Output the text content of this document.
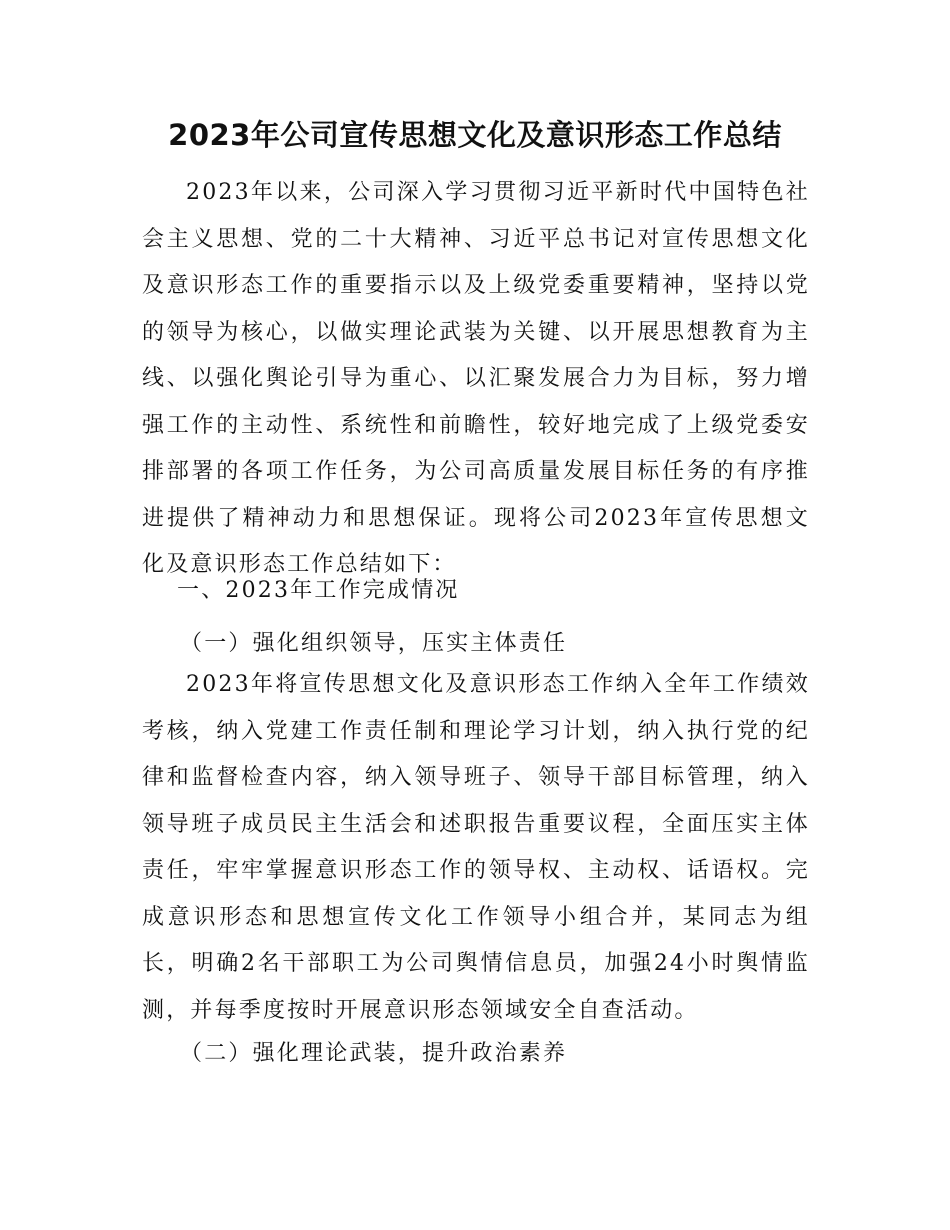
2023年公司宣传思想文化及意识形态工作总结

2023年以来，公司深入学习贯彻习近平新时代中国特色社会主义思想、党的二十大精神、习近平总书记对宣传思想文化及意识形态工作的重要指示以及上级党委重要精神，坚持以党的领导为核心，以做实理论武装为关键、以开展思想教育为主线、以强化舆论引导为重心、以汇聚发展合力为目标，努力增强工作的主动性、系统性和前瞻性，较好地完成了上级党委安排部署的各项工作任务，为公司高质量发展目标任务的有序推进提供了精神动力和思想保证。现将公司2023年宣传思想文化及意识形态工作总结如下：

一、2023年工作完成情况

（一）强化组织领导，压实主体责任

2023年将宣传思想文化及意识形态工作纳入全年工作绩效考核，纳入党建工作责任制和理论学习计划，纳入执行党的纪律和监督检查内容，纳入领导班子、领导干部目标管理，纳入领导班子成员民主生活会和述职报告重要议程，全面压实主体责任，牢牢掌握意识形态工作的领导权、主动权、话语权。完成意识形态和思想宣传文化工作领导小组合并，某同志为组长，明确2名干部职工为公司舆情信息员，加强24小时舆情监测，并每季度按时开展意识形态领域安全自查活动。

（二）强化理论武装，提升政治素养
